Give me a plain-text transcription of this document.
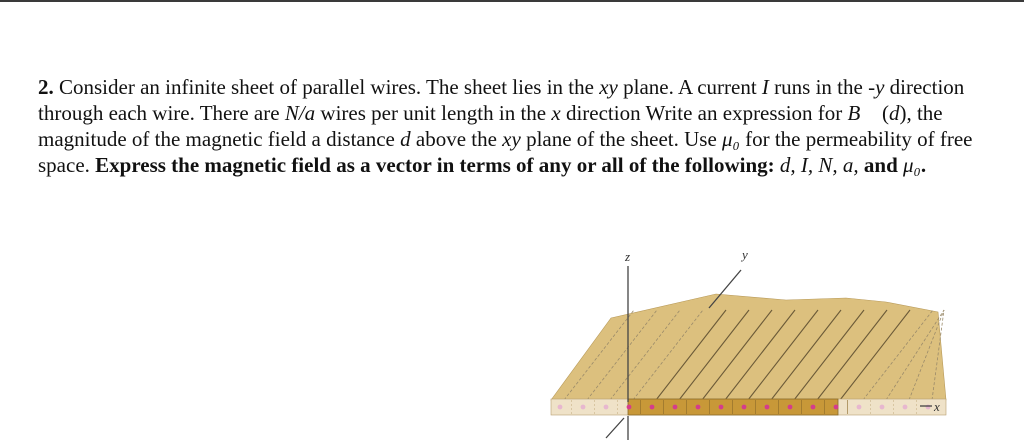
2. Consider an infinite sheet of parallel wires. The sheet lies in the xy plane. A current I runs in the -y direction through each wire. There are N/a wires per unit length in the x direction Write an expression for B⃗ (d), the magnitude of the magnetic field a distance d above the xy plane of the sheet. Use μ₀ for the permeability of free space. Express the magnetic field as a vector in terms of any or all of the following: d, I, N, a, and μ₀.
z	y
x
